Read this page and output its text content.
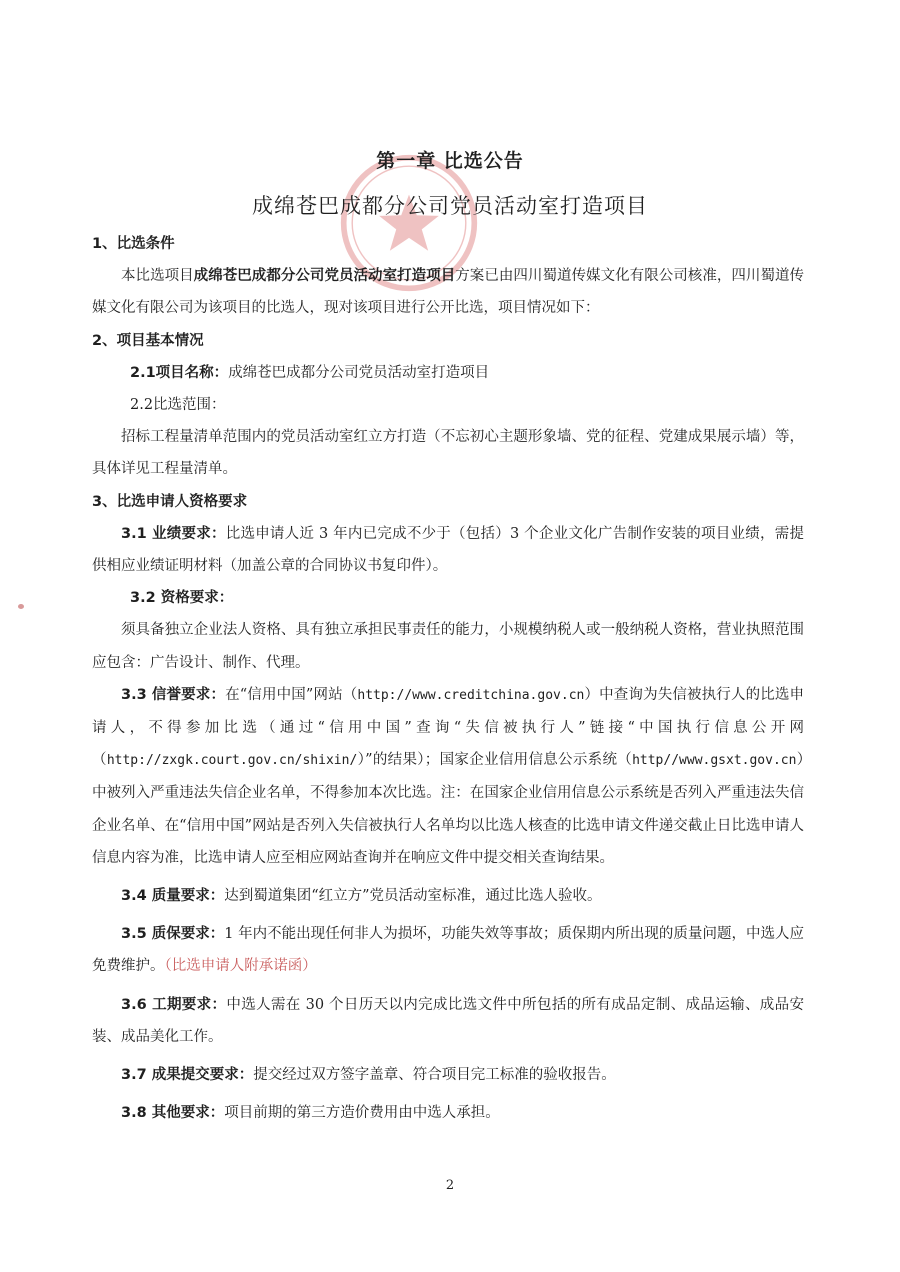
第一章 比选公告
成绵苍巴成都分公司党员活动室打造项目

1、比选条件

本比选项目成绵苍巴成都分公司党员活动室打造项目方案已由四川蜀道传媒文化有限公司核准，四川蜀道传媒文化有限公司为该项目的比选人，现对该项目进行公开比选，项目情况如下：

2、项目基本情况

2.1项目名称：成绵苍巴成都分公司党员活动室打造项目

2.2比选范围：

招标工程量清单范围内的党员活动室红立方打造（不忘初心主题形象墙、党的征程、党建成果展示墙）等，具体详见工程量清单。

3、比选申请人资格要求

3.1 业绩要求：比选申请人近 3 年内已完成不少于（包括）3 个企业文化广告制作安装的项目业绩，需提供相应业绩证明材料（加盖公章的合同协议书复印件）。

3.2 资格要求：

须具备独立企业法人资格、具有独立承担民事责任的能力，小规模纳税人或一般纳税人资格，营业执照范围应包含：广告设计、制作、代理。

3.3 信誉要求：在“信用中国”网站（http://www.creditchina.gov.cn）中查询为失信被执行人的比选申请人，不得参加比选（通过“信用中国”查询“失信被执行人”链接“中国执行信息公开网（http://zxgk.court.gov.cn/shixin/）”的结果）；国家企业信用信息公示系统（http//www.gsxt.gov.cn）中被列入严重违法失信企业名单，不得参加本次比选。注：在国家企业信用信息公示系统是否列入严重违法失信企业名单、在“信用中国”网站是否列入失信被执行人名单均以比选人核查的比选申请文件递交截止日比选申请人信息内容为准，比选申请人应至相应网站查询并在响应文件中提交相关查询结果。

3.4 质量要求：达到蜀道集团“红立方”党员活动室标准，通过比选人验收。

3.5 质保要求：1 年内不能出现任何非人为损坏，功能失效等事故；质保期内所出现的质量问题，中选人应免费维护。（比选申请人附承诺函）

3.6 工期要求：中选人需在 30 个日历天以内完成比选文件中所包括的所有成品定制、成品运输、成品安装、成品美化工作。

3.7 成果提交要求：提交经过双方签字盖章、符合项目完工标准的验收报告。

3.8 其他要求：项目前期的第三方造价费用由中选人承担。

2
